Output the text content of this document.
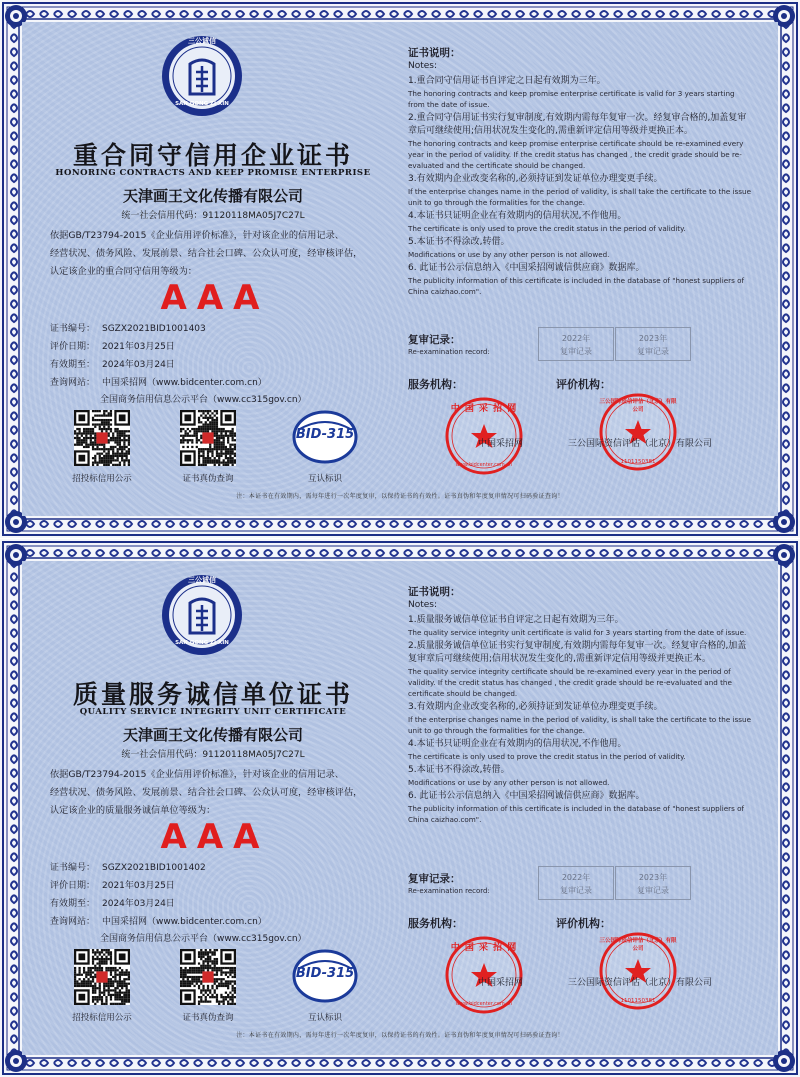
三公诚信
SAN GONG ZI XIN
重合同守信用企业证书
HONORING CONTRACTS AND KEEP PROMISE ENTERPRISE
天津画王文化传播有限公司
统一社会信用代码：91120118MA05J7C27L
依据GB/T23794-2015《企业信用评价标准》，针对该企业的信用记录、
经营状况、债务风险、发展前景、结合社会口碑、公众认可度，经审核评估，
认定该企业的重合同守信用等级为：
AAA
证书编号： SGZX2021BID1001403
评价日期： 2021年03月25日
有效期至： 2024年03月24日
查询网站： 中国采招网（www.bidcenter.com.cn）
全国商务信用信息公示平台（www.cc315gov.cn）
BID-315
招投标信用公示	证书真伪查询	互认标识
注：本证书在有效期内，需每年进行一次年度复审，以保持证书的有效性。证书真伪和年度复审情况可扫码验证查询！
证书说明：
Notes:
1.重合同守信用证书自评定之日起有效期为三年。
The honoring contracts and keep promise enterprise certificate is valid for 3 years starting from the date of issue.
2.重合同守信用证书实行复审制度,有效期内需每年复审一次。经复审合格的,加盖复审章后可继续使用;信用状况发生变化的,需重新评定信用等级并更换正本。
The honoring contracts and keep promise enterprise certificate should be re-examined every year in the period of validity. If the credit status has changed , the credit grade should be re-evaluated and the certificate should be changed.
3.有效期内企业改变名称的,必须持证到发证单位办理变更手续。
If the enterprise changes name in the period of validity, is shall take the certificate to the issue unit to go through the formalities for the change.
4.本证书只证明企业在有效期内的信用状况,不作他用。
The certificate is only used to prove the credit status in the period of validity.
5.本证书不得涂改,转借。
Modifications or use by any other person is not allowed.
6. 此证书公示信息纳入《中国采招网诚信供应商》数据库。
The publicity information of this certificate is included in the database of "honest suppliers of China caizhao.com".
复审记录：
Re-examination record:
2022年
复审记录
2023年
复审记录
服务机构：	评价机构：
中 国 采 招 网
www.bidcenter.com.cn
三公国际资信评估（北京）有限公司
1101150381
中国采招网	三公国际资信评估（北京）有限公司
三公诚信
SAN GONG ZI XIN
质量服务诚信单位证书
QUALITY SERVICE INTEGRITY UNIT CERTIFICATE
天津画王文化传播有限公司
统一社会信用代码：91120118MA05J7C27L
依据GB/T23794-2015《企业信用评价标准》，针对该企业的信用记录、
经营状况、债务风险、发展前景、结合社会口碑、公众认可度，经审核评估，
认定该企业的质量服务诚信单位等级为：
AAA
证书编号： SGZX2021BID1001402
评价日期： 2021年03月25日
有效期至： 2024年03月24日
查询网站： 中国采招网（www.bidcenter.com.cn）
全国商务信用信息公示平台（www.cc315gov.cn）
BID-315
招投标信用公示	证书真伪查询	互认标识
注：本证书在有效期内，需每年进行一次年度复审，以保持证书的有效性。证书真伪和年度复审情况可扫码验证查询！
证书说明：
Notes:
1.质量服务诚信单位证书自评定之日起有效期为三年。
The quality service integrity unit certificate is valid for 3 years starting from the date of issue.
2.质量服务诚信单位证书实行复审制度,有效期内需每年复审一次。经复审合格的,加盖复审章后可继续使用;信用状况发生变化的,需重新评定信用等级并更换正本。
The quality service integrity certificate should be re-examined every year in the period of validity. If the credit status has changed , the credit grade should be re-evaluated and the certificate should be changed.
3.有效期内企业改变名称的,必须持证到发证单位办理变更手续。
If the enterprise changes name in the period of validity, is shall take the certificate to the issue unit to go through the formalities for the change.
4.本证书只证明企业在有效期内的信用状况,不作他用。
The certificate is only used to prove the credit status in the period of validity.
5.本证书不得涂改,转借。
Modifications or use by any other person is not allowed.
6. 此证书公示信息纳入《中国采招网诚信供应商》数据库。
The publicity information of this certificate is included in the database of "honest suppliers of China caizhao.com".
复审记录：
Re-examination record:
2022年
复审记录
2023年
复审记录
服务机构：	评价机构：
中 国 采 招 网
www.bidcenter.com.cn
三公国际资信评估（北京）有限公司
1101150381
中国采招网	三公国际资信评估（北京）有限公司
